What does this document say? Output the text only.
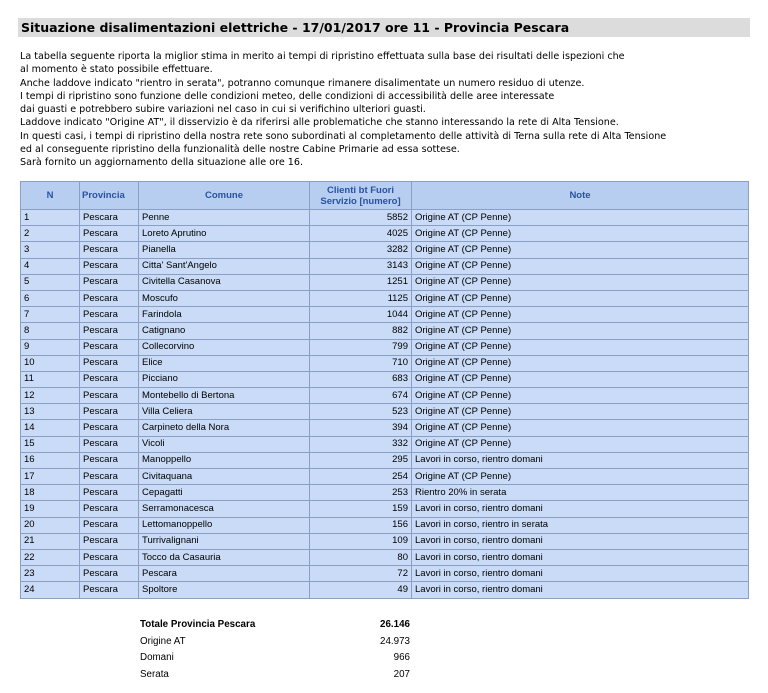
Situazione disalimentazioni elettriche - 17/01/2017 ore 11 - Provincia Pescara
La tabella seguente riporta la miglior stima in merito ai tempi di ripristino effettuata sulla base dei risultati delle ispezioni che
al momento è stato possibile effettuare.
Anche laddove indicato "rientro in serata", potranno comunque rimanere disalimentate un numero residuo di utenze.
I tempi di ripristino sono funzione delle condizioni meteo, delle condizioni di accessibilità delle aree interessate
dai guasti e potrebbero subire variazioni nel caso in cui si verifichino ulteriori guasti.
Laddove indicato "Origine AT", il disservizio è da riferirsi alle problematiche che stanno interessando la rete di Alta Tensione.
In questi casi, i tempi di ripristino della nostra rete sono subordinati al completamento delle attività di Terna sulla rete di Alta Tensione
ed al conseguente ripristino della funzionalità delle nostre Cabine Primarie ad essa sottese.
Sarà fornito un aggiornamento della situazione alle ore 16.
N	Provincia	Comune	Clienti bt Fuori Servizio [numero]	Note
1	Pescara	Penne	5852	Origine AT (CP Penne)
2	Pescara	Loreto Aprutino	4025	Origine AT (CP Penne)
3	Pescara	Pianella	3282	Origine AT (CP Penne)
4	Pescara	Citta' Sant'Angelo	3143	Origine AT (CP Penne)
5	Pescara	Civitella Casanova	1251	Origine AT (CP Penne)
6	Pescara	Moscufo	1125	Origine AT (CP Penne)
7	Pescara	Farindola	1044	Origine AT (CP Penne)
8	Pescara	Catignano	882	Origine AT (CP Penne)
9	Pescara	Collecorvino	799	Origine AT (CP Penne)
10	Pescara	Elice	710	Origine AT (CP Penne)
11	Pescara	Picciano	683	Origine AT (CP Penne)
12	Pescara	Montebello di Bertona	674	Origine AT (CP Penne)
13	Pescara	Villa Celiera	523	Origine AT (CP Penne)
14	Pescara	Carpineto della Nora	394	Origine AT (CP Penne)
15	Pescara	Vicoli	332	Origine AT (CP Penne)
16	Pescara	Manoppello	295	Lavori in corso, rientro domani
17	Pescara	Civitaquana	254	Origine AT (CP Penne)
18	Pescara	Cepagatti	253	Rientro 20% in serata
19	Pescara	Serramonacesca	159	Lavori in corso, rientro domani
20	Pescara	Lettomanoppello	156	Lavori in corso, rientro in serata
21	Pescara	Turrivalignani	109	Lavori in corso, rientro domani
22	Pescara	Tocco da Casauria	80	Lavori in corso, rientro domani
23	Pescara	Pescara	72	Lavori in corso, rientro domani
24	Pescara	Spoltore	49	Lavori in corso, rientro domani
Totale Provincia Pescara	26.146
Origine AT	24.973
Domani	966
Serata	207
